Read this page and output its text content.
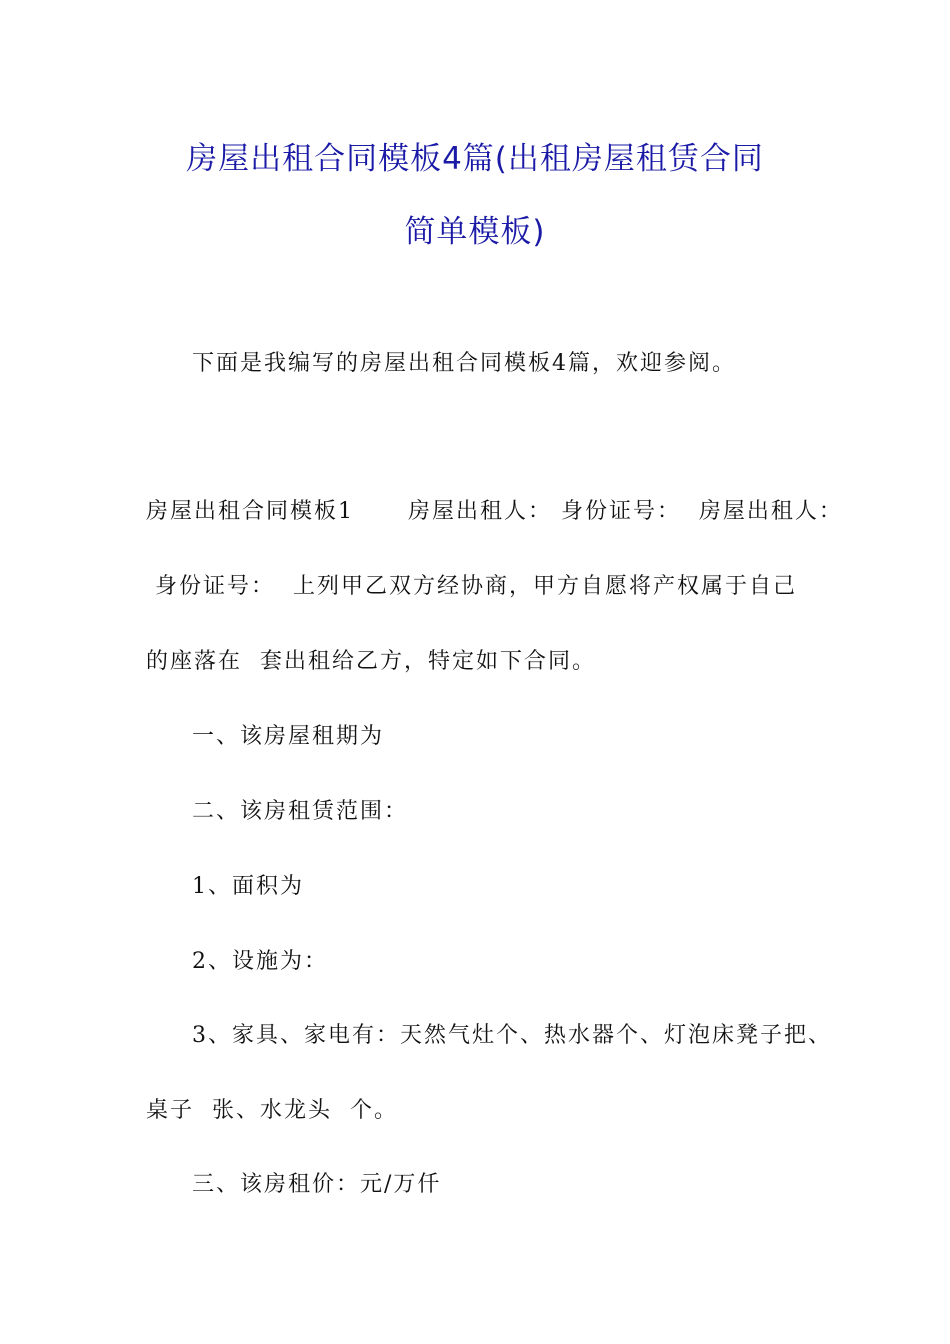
房屋出租合同模板4篇(出租房屋租赁合同
简单模板)

下面是我编写的房屋出租合同模板4篇，欢迎参阅。

房屋出租合同模板1      房屋出租人： 身份证号：  房屋出租人：

身份证号：  上列甲乙双方经协商，甲方自愿将产权属于自己

的座落在  套出租给乙方，特定如下合同。

一、该房屋租期为

二、该房租赁范围：

1、面积为

2、设施为：

3、家具、家电有：天然气灶个、热水器个、灯泡床凳子把、

桌子  张、水龙头  个。

三、该房租价：元/万仟
